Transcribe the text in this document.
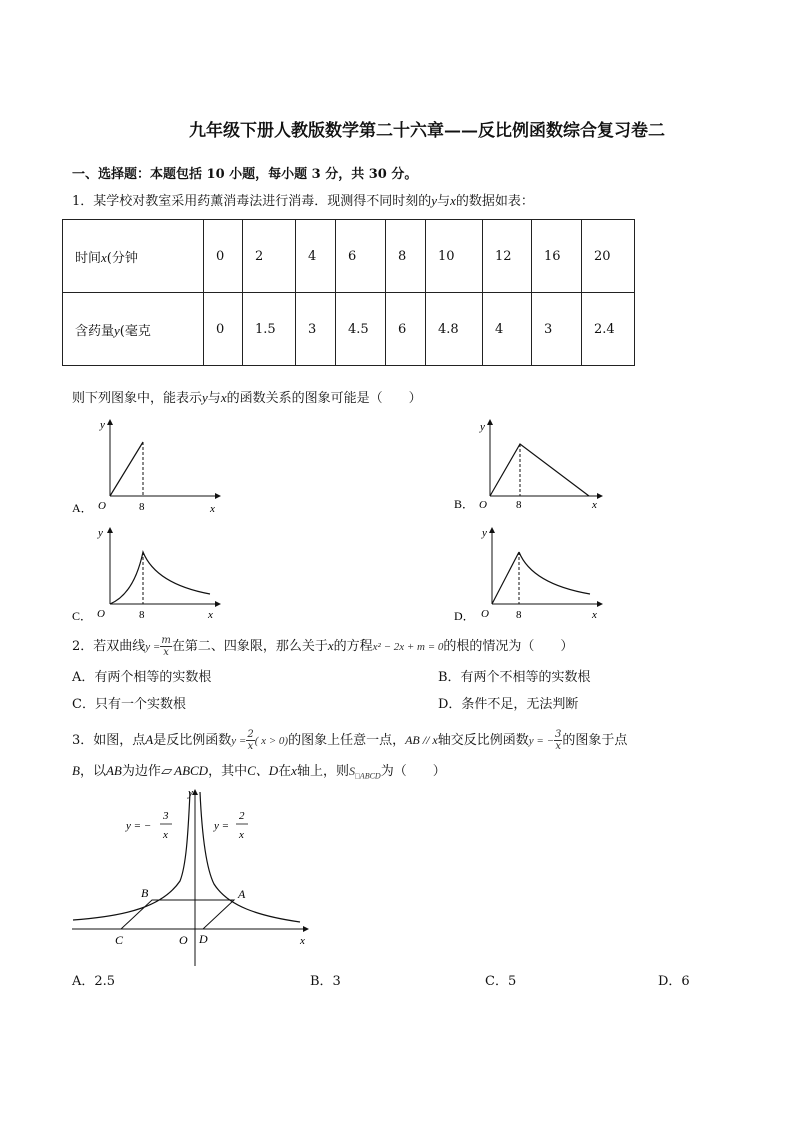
九年级下册人教版数学第二十六章——反比例函数综合复习卷二
一、选择题：本题包括 10 小题，每小题 3 分，共 30 分。
1．某学校对教室采用药薰消毒法进行消毒．现测得不同时刻的y与x的数据如表：
时间x(分钟	0	2	4	6	8	10	12	16	20
含药量y(毫克	0	1.5	3	4.5	6	4.8	4	3	2.4
则下列图象中，能表示y与x的函数关系的图象可能是（　　）
y
x
O	8
A．
y
x
O	8
B．
y
x
O	8
C．
y
x
O 8
D．
2．若双曲线$y = \frac{m}{x}$ 在第二、四象限，那么关于x的方程x² − 2x + m = 0的根的情况为（　　）
A．有两个相等的实数根	B．有两个不相等的实数根
C．只有一个实数根	D．条件不足，无法判断
3．如图，点A是反比例函数$y = \frac{2}{x}$ ( x > 0)的图象上任意一点，AB // x轴交反比例函数y = − $\frac{3}{x}$ 的图象于点
B，以AB为边作▱ ABCD，其中C、D在x轴上，则$S_{□ABCD}$为（　　）
y
x
O
A
B
C	D
y = −
3
x
y =
2
x
A．2.5	B．3	C．5	D．6
